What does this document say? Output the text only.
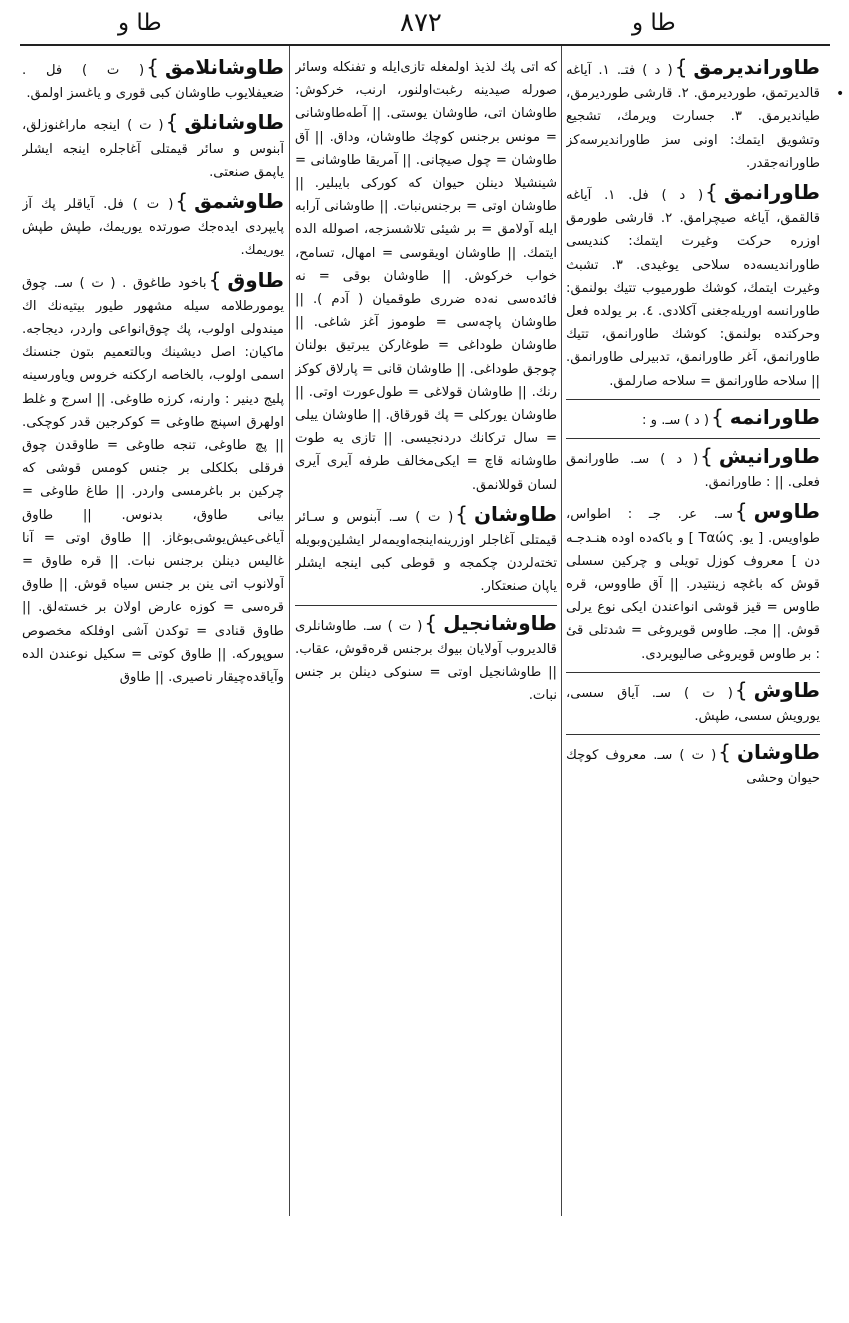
طا و	٨٧٢	طا و
•

طاوراندیرمق}( د ) فتـ. ١. آیاغه قالدیر‌تمق، طوردیرمق. ٢. قارشی طوردیرمق، طیاندیرمق. ٣. جسارت ویرمك، تشجیع وتشویق ایتمك: اونی سز طاوراندیرسه‌كز طاورانه‌جقدر.

طاورانمق}( د ) فل. ١. آیاغه قالقمق، آیاغه صیچرامق. ٢. قارشی طورمق اوزره حركت وغیرت ایتمك: كندیسی طاوراندیسه‌ده سلاحی یوغیدی. ٣. تشبث وغیرت ایتمك، كوشك طورمیوب تتیك بولنمق: طاورانسه اوریله‌جغنی آكلادی. ٤. بر یولده فعل وحركتده بولنمق: كوشك طاورانمق، تتیك طاورانمق، آغر طاورانمق، تدبیرلی طاورانمق. || سلاحه طاورانمق = سلاحه صارلمق.

طاورانمه}( د ) سـ. و :

طاورانیش}( د ) سـ. طاورا‌نمق فعلی. || : طاورانمق.

طاوس}سـ. عر. جـ : اطواس، طواویس. [ یو. Ταώς ] و باكه‌ده اوده هنـدجـه دن ] معروف كوزل تویلی و چركین سسلی قوش كه باغچه زینتیدر. || آق طاووس، قره طاوس = قیز قوشی انواعندن ایكی نوع یرلی قوش. || مجـ. طاوس قویروغی = شدتلی قیٔ : بر طاوس قویروغی صالیویردی.

طاوش}( ت ) سـ. آیاق سسی، یورویش سسی، طپش.

طاوشان}( ت ) سـ. معروف كوچك حیوان وحشی

كه اتی پك لذیذ اولمغله تازی‌ایله و تفنكله وسائر صورله صیدینه رغبت‌اولنور، ارنب، خركوش: طاوشان اتی، طاوشان یوستی. || آطه‌طاوشانی = مونس برجنس كوچك طاوشان، وداق. || آق طاوشان = چول صیچانی. || آمریقا طاوشانی = شینشیلا دینلن حیوان كه كوركی بایبلیر. || طاوشان اوتی = برجنس‌نبات. || طاوشانی آرابه ایله آولامق = بر شیئی تلاشسزجه، اصولله الده ایتمك. || طاوشان اویقوسی = امهال، تسامح، خواب خركوش. || طاوشان بوقی = نه فائده‌سی نه‌ده ضرری طوقمیان ( آدم ). || طاوشان پاچه‌سی = طوموز آغز شاغی. || طاوشان طوداغی = طوغاركن یبرتیق بولنان چوجق طوداغی. || طاوشان قانی = پارلاق كوكز‌ رنك. || طاوشان قولاغی = طول‌عورت اوتی. || طاوشان یوركلی = پك قورقاق. || طاوشان ییلی = سال تركانك دردنجیسی. || تازی یه طوت طاوشانه قاچ = ایكی‌مخالف طرفه آیری آیری لسان قوللانمق.

طاوشان}( ت ) سـ. آبنوس و سـائر قیمتلی آغاجلر اوزرینه‌اینجه‌اویمه‌لر ایشلین‌وبویله تخته‌لردن چكمجه و قوطی كبی اینجه ایشلر یاپان صنعتكار.

طاوشانجیل}( ت ) سـ. طاو‌شانلری قالدیروب آولایان بیوك برجنس قره‌قوش، عقاب. || طاوشانجیل اوتی = سنوكی دینلن بر جنس نبات.

طاوشانلامق}( ت ) فل . ضعیفلایوب طاوشان كبی قوری و یاغسز اولمق.

طاوشانلق}( ت ) اینجه ماراغنوزلق، آبنوس و سائر قیمتلی آغاجلره اینجه ایشلر یاپمق صنعتی.

طاوشمق}( ت ) فل. آیاقلر پك آز پایپردی ایده‌جك صورتده یوریمك، طپش طپش یوریمك.

طاوق}باخود طاغوق . ( ت ) سـ. چوق یومورطلامه سیله مشهور طیور بیتیه‌نك اك میندولی اولوب، پك چوق‌انواعی واردر، دیجاجه. ماكیان: اصل دیشینك وبالتعمیم بتون جنسنك اسمی اولوب، بالخاصه ارككنه خروس ویاورسینه پلیج دینیر : وارنه، كرزه طاوغی. || اسرج و غلط اولهرق اسپنچ طاوغی = كوكرجین قدر كوچكی. || پچ طاوغی، تنجه طاوغی = طاوقدن چوق فرقلی بكلكلی بر جنس كومس قوشی كه چركین بر باغرمسی واردر. || طاغ طاوغی = بیانی طاوق، بدنوس. || طاوق آیاغی‌عیش‌یوشی‌بوغاز. || طاوق اوتی = آنا غالیس دینلن برجنس نبات. || قره طاوق = آولانوب اتی ینن بر جنس سیاه قوش. || طاوق قره‌سی = كوزه عارض اولان بر خسته‌لق. || طاوق قنادی = توكدن آشی اوفلكه مخصوص سوپوركه. || طاوق كوتی = سكیل نوعندن الده وآیاقده‌چیقار ناصیری. || طاوق
